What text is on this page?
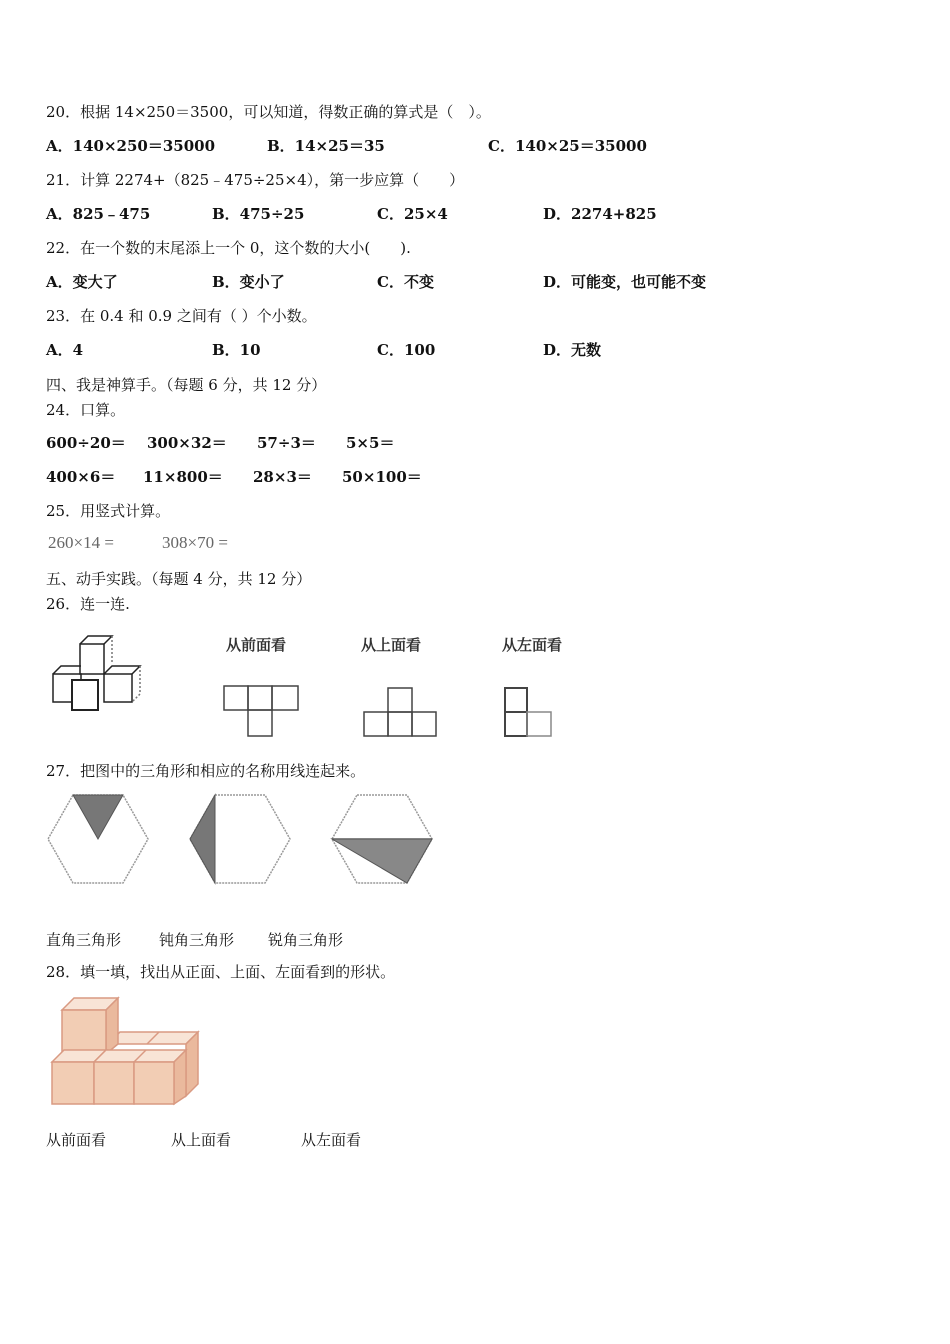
20．根据 14×250＝3500，可以知道，得数正确的算式是（　）。
A．140×250＝35000	B．14×25＝35	C．140×25＝35000
21．计算 2274+（825﹣475÷25×4），第一步应算（　　）
A．825﹣475	B．475÷25	C．25×4	D．2274+825
22．在一个数的末尾添上一个 0，这个数的大小(　　).
A．变大了	B．变小了	C．不变	D．可能变，也可能不变
23．在 0.4 和 0.9 之间有（ ）个小数。
A．4	B．10	C．100	D．无数
四、我是神算手。（每题 6 分，共 12 分）
24．口算。
600÷20＝ 300×32＝ 57÷3＝ 5×5＝
400×6＝ 11×800＝ 28×3＝ 50×100＝
25．用竖式计算。
260×14 =	308×70 =
五、动手实践。（每题 4 分，共 12 分）
26．连一连.
从前面看	从上面看	从左面看
27．把图中的三角形和相应的名称用线连起来。
直角三角形	钝角三角形 锐角三角形
28．填一填，找出从正面、上面、左面看到的形状。
从前面看	从上面看	从左面看
